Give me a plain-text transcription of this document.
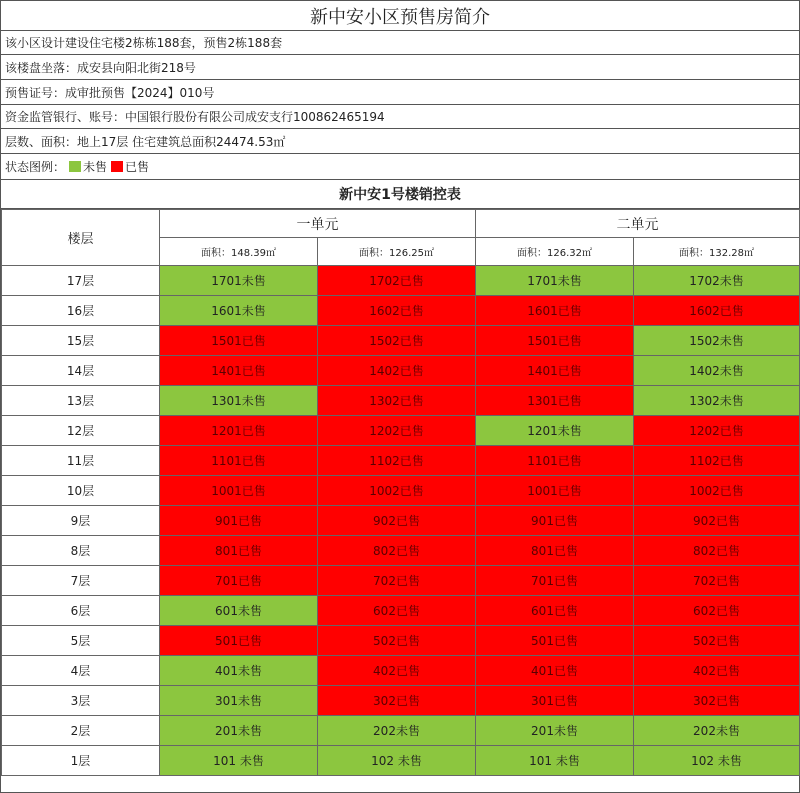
新中安小区预售房简介
该小区设计建设住宅楼2栋栋188套，预售2栋188套
该楼盘坐落：成安县向阳北街218号
预售证号：成审批预售【2024】010号
资金监管银行、账号：中国银行股份有限公司成安支行100862465194
层数、面积：地上17层 住宅建筑总面积24474.53㎡
状态图例： 未售 已售
新中安1号楼销控表
楼层	一单元		二单元	
	面积：148.39㎡	面积：126.25㎡	面积：126.32㎡	面积：132.28㎡
17层	1701未售	1702已售	1701未售	1702未售
16层	1601未售	1602已售	1601已售	1602已售
15层	1501已售	1502已售	1501已售	1502未售
14层	1401已售	1402已售	1401已售	1402未售
13层	1301未售	1302已售	1301已售	1302未售
12层	1201已售	1202已售	1201未售	1202已售
11层	1101已售	1102已售	1101已售	1102已售
10层	1001已售	1002已售	1001已售	1002已售
9层	901已售	902已售	901已售	902已售
8层	801已售	802已售	801已售	802已售
7层	701已售	702已售	701已售	702已售
6层	601未售	602已售	601已售	602已售
5层	501已售	502已售	501已售	502已售
4层	401未售	402已售	401已售	402已售
3层	301未售	302已售	301已售	302已售
2层	201未售	202未售	201未售	202未售
1层	101 未售	102 未售	101 未售	102 未售
